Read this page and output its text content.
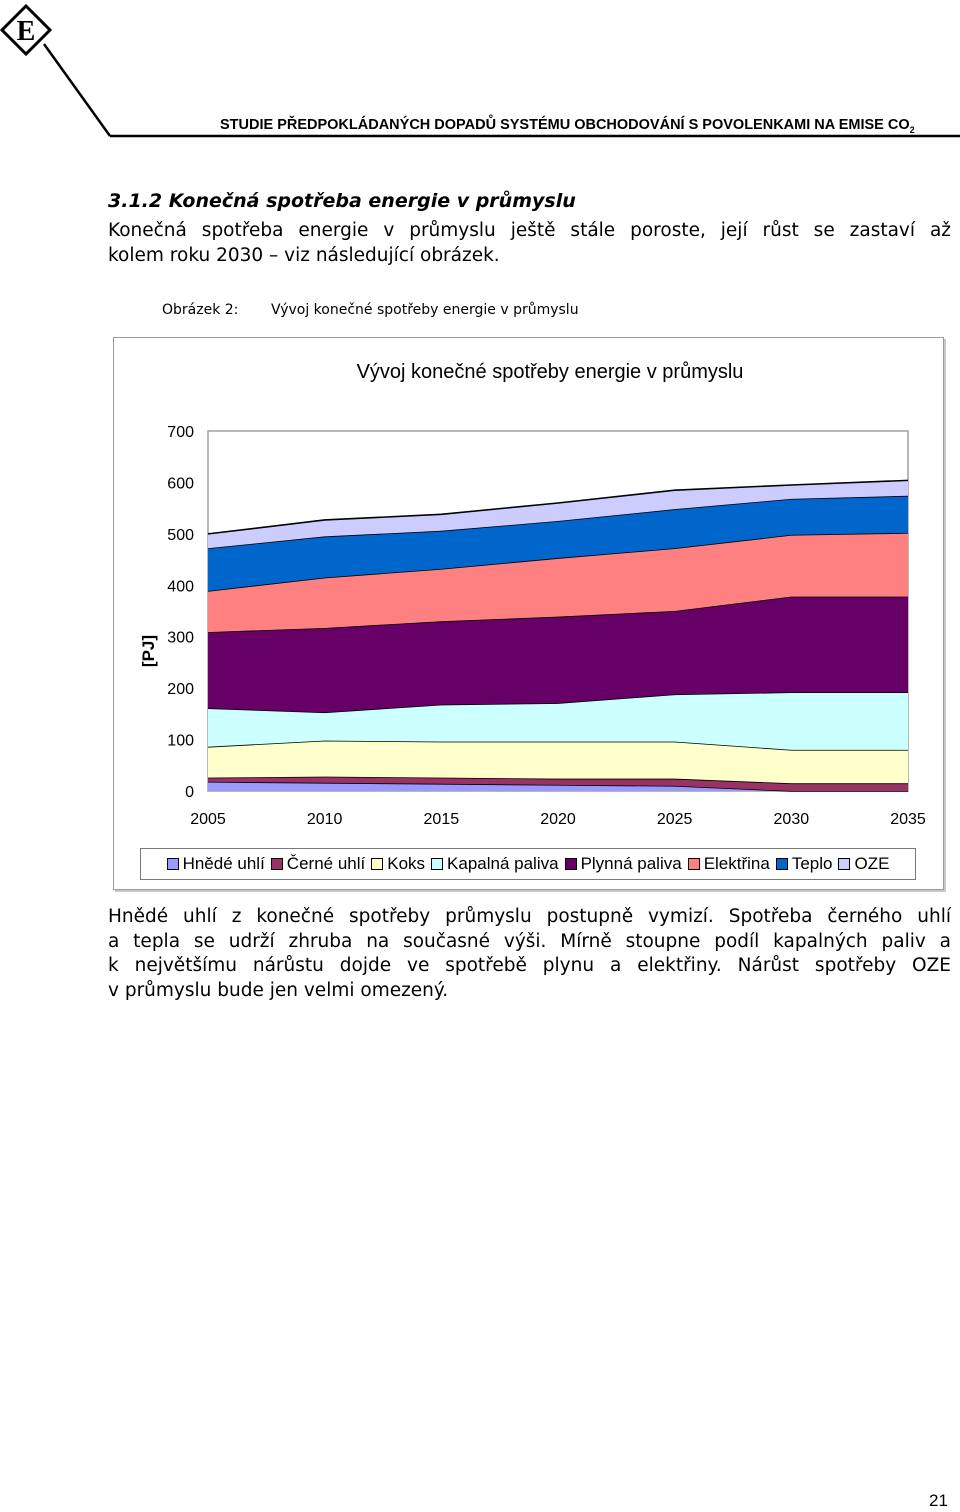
E
STUDIE PŘEDPOKLÁDANÝCH DOPADŮ SYSTÉMU OBCHODOVÁNÍ S POVOLENKAMI NA EMISE $CO_2$
3.1.2 Konečná spotřeba energie v průmyslu
Konečná spotřeba energie v průmyslu ještě stále poroste, její růst se zastaví až
kolem roku 2030 – viz následující obrázek.
Obrázek 2: Vývoj konečné spotřeby energie v průmyslu
Vývoj konečné spotřeby energie v průmyslu
0
100
200
300
400
500
600
700
2005	2010	2015	2020	2025	2030	2035
[PJ]
Hnědé uhlí Černé uhlí Koks Kapalná paliva Plynná paliva Elektřina Teplo OZE
Hnědé uhlí z konečné spotřeby průmyslu postupně vymizí. Spotřeba černého uhlí
a tepla se udrží zhruba na současné výši. Mírně stoupne podíl kapalných paliv a
k největšímu nárůstu dojde ve spotřebě plynu a elektřiny. Nárůst spotřeby OZE
v průmyslu bude jen velmi omezený.
21
